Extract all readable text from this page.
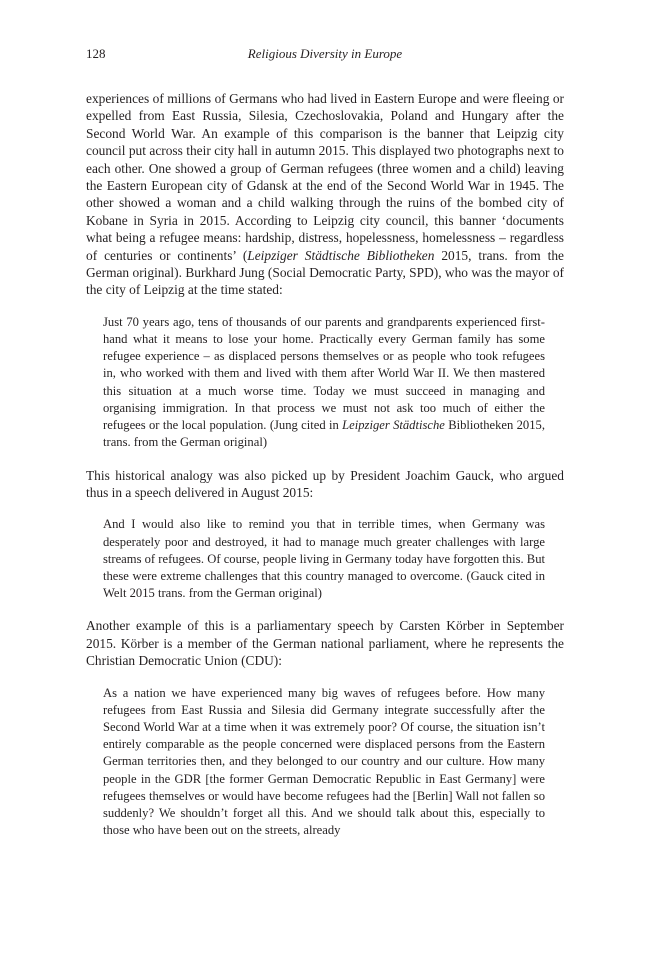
128	Religious Diversity in Europe

experiences of millions of Germans who had lived in Eastern Europe and were fleeing or expelled from East Russia, Silesia, Czechoslovakia, Poland and Hungary after the Second World War. An example of this comparison is the banner that Leipzig city council put across their city hall in autumn 2015. This displayed two photographs next to each other. One showed a group of German refugees (three women and a child) leaving the Eastern European city of Gdansk at the end of the Second World War in 1945. The other showed a woman and a child walking through the ruins of the bombed city of Kobane in Syria in 2015. According to Leipzig city council, this banner ‘documents what being a refugee means: hardship, distress, hopelessness, homelessness – regardless of centuries or continents’ (Leipziger Städtische Bibliotheken 2015, trans. from the German original). Burkhard Jung (Social Democratic Party, SPD), who was the mayor of the city of Leipzig at the time stated:

Just 70 years ago, tens of thousands of our parents and grandparents experienced first-hand what it means to lose your home. Practically every German family has some refugee experience – as displaced persons themselves or as people who took refugees in, who worked with them and lived with them after World War II. We then mastered this situation at a much worse time. Today we must succeed in managing and organising immigration. In that process we must not ask too much of either the refugees or the local population. (Jung cited in Leipziger Städtische Bibliotheken 2015, trans. from the German original)

This historical analogy was also picked up by President Joachim Gauck, who argued thus in a speech delivered in August 2015:

And I would also like to remind you that in terrible times, when Germany was desperately poor and destroyed, it had to manage much greater challenges with large streams of refugees. Of course, people living in Germany today have forgotten this. But these were extreme challenges that this country managed to overcome. (Gauck cited in Welt 2015 trans. from the German original)

Another example of this is a parliamentary speech by Carsten Körber in September 2015. Körber is a member of the German national parliament, where he represents the Christian Democratic Union (CDU):

As a nation we have experienced many big waves of refugees before. How many refugees from East Russia and Silesia did Germany integrate successfully after the Second World War at a time when it was extremely poor? Of course, the situation isn’t entirely comparable as the people concerned were displaced persons from the Eastern German territories then, and they belonged to our country and our culture. How many people in the GDR [the former German Democratic Republic in East Germany] were refugees themselves or would have become refugees had the [Berlin] Wall not fallen so suddenly? We shouldn’t forget all this. And we should talk about this, especially to those who have been out on the streets, already
